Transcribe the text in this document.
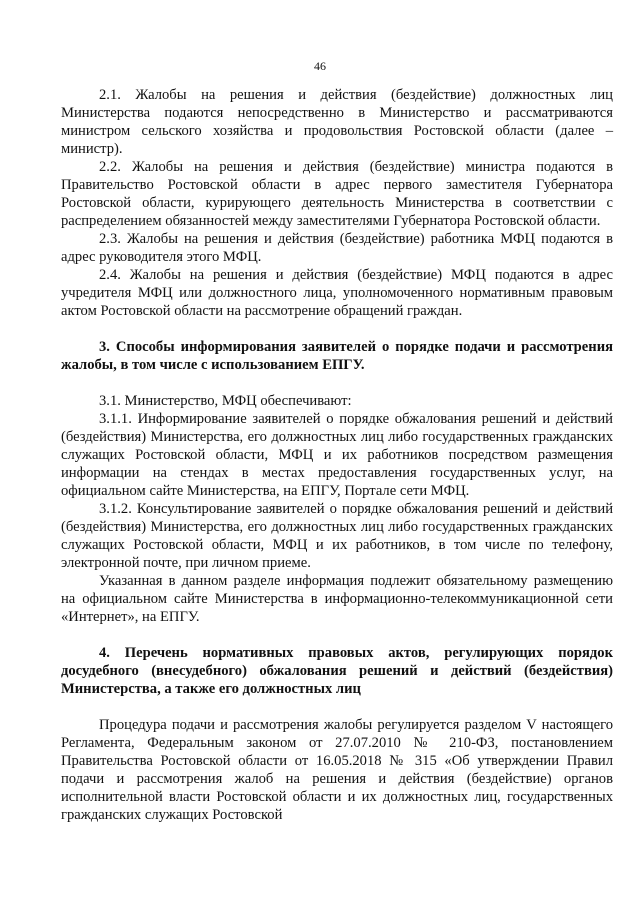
46

2.1. Жалобы на решения и действия (бездействие) должностных лиц Министерства подаются непосредственно в Министерство и рассматриваются министром сельского хозяйства и продовольствия Ростовской области (далее – министр).

2.2. Жалобы на решения и действия (бездействие) министра подаются в Правительство Ростовской области в адрес первого заместителя Губернатора Ростовской области, курирующего деятельность Министерства в соответствии с распределением обязанностей между заместителями Губернатора Ростовской области.

2.3. Жалобы на решения и действия (бездействие) работника МФЦ подаются в адрес руководителя этого МФЦ.

2.4. Жалобы на решения и действия (бездействие) МФЦ подаются в адрес учредителя МФЦ или должностного лица, уполномоченного нормативным правовым актом Ростовской области на рассмотрение обращений граждан.

3. Способы информирования заявителей о порядке подачи и рассмотрения жалобы, в том числе с использованием ЕПГУ.

3.1. Министерство, МФЦ обеспечивают:

3.1.1. Информирование заявителей о порядке обжалования решений и действий (бездействия) Министерства, его должностных лиц либо государственных гражданских служащих Ростовской области, МФЦ и их работников посредством размещения информации на стендах в местах предоставления государственных услуг, на официальном сайте Министерства, на ЕПГУ, Портале сети МФЦ.

3.1.2. Консультирование заявителей о порядке обжалования решений и действий (бездействия) Министерства, его должностных лиц либо государственных гражданских служащих Ростовской области, МФЦ и их работников, в том числе по телефону, электронной почте, при личном приеме.

Указанная в данном разделе информация подлежит обязательному размещению на официальном сайте Министерства в информационно-телекоммуникационной сети «Интернет», на ЕПГУ.

4. Перечень нормативных правовых актов, регулирующих порядок досудебного (внесудебного) обжалования решений и действий (бездействия) Министерства, а также его должностных лиц

Процедура подачи и рассмотрения жалобы регулируется разделом V настоящего Регламента, Федеральным законом от 27.07.2010 № 210-ФЗ, постановлением Правительства Ростовской области от 16.05.2018 № 315 «Об утверждении Правил подачи и рассмотрения жалоб на решения и действия (бездействие) органов исполнительной власти Ростовской области и их должностных лиц, государственных гражданских служащих Ростовской
